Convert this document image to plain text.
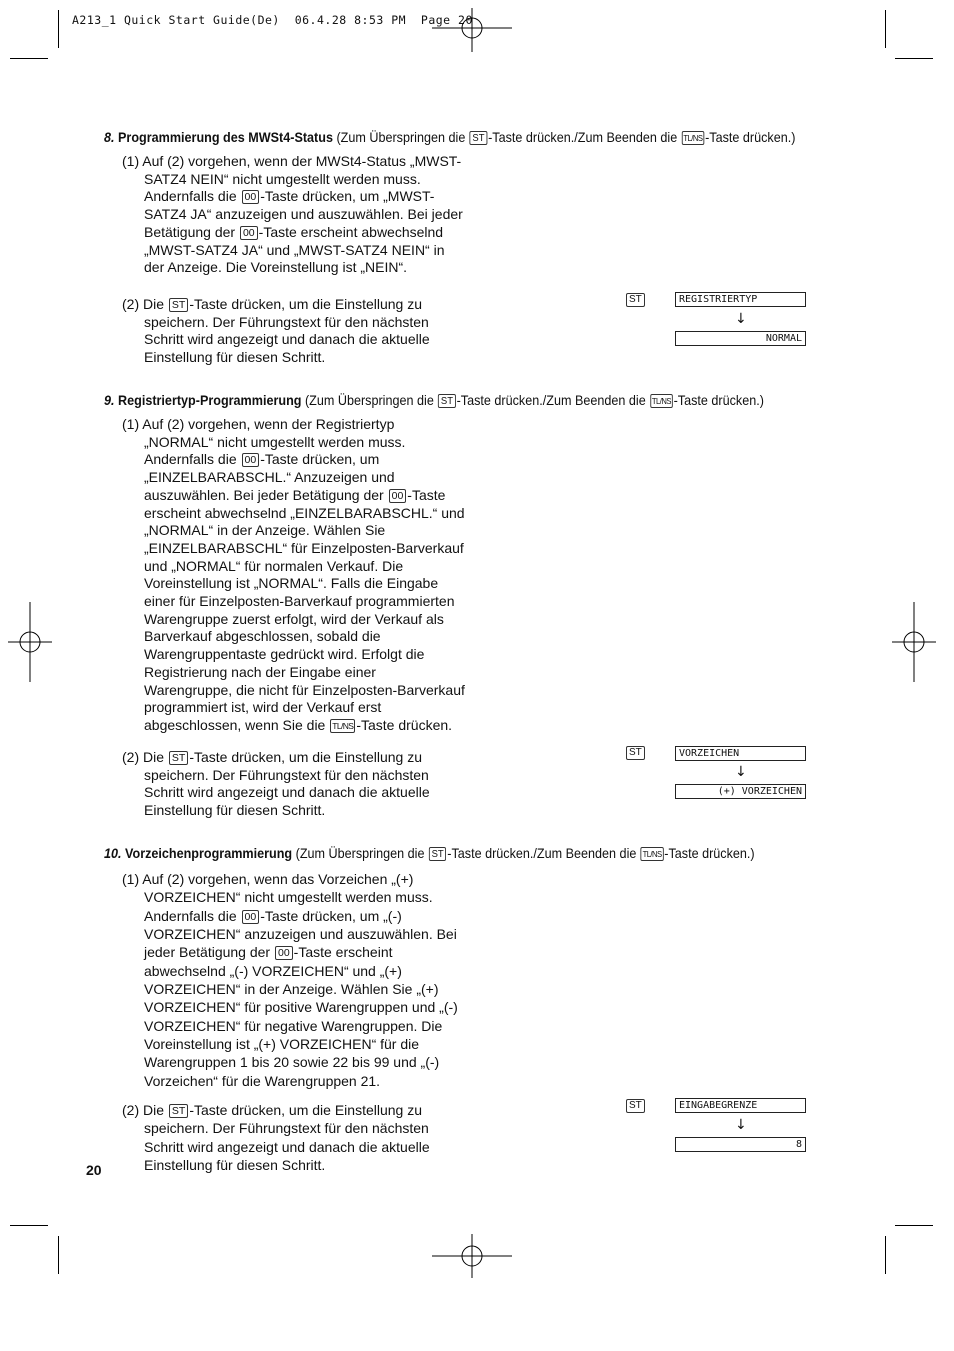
A213_1 Quick Start Guide(De)  06.4.28 8:53 PM  Page 20
8. Programmierung des MWSt4-Status (Zum Überspringen die ST -Taste drücken./Zum Beenden die TL/NS -Taste drücken.)
(1) Auf (2) vorgehen, wenn der MWSt4-Status „MWST-
SATZ4 NEIN“ nicht umgestellt werden muss.
Andernfalls die 00 -Taste drücken, um „MWST-
SATZ4 JA“ anzuzeigen und auszuwählen. Bei jeder
Betätigung der 00 -Taste erscheint abwechselnd
„MWST-SATZ4 JA“ und „MWST-SATZ4 NEIN“ in
der Anzeige. Die Voreinstellung ist „NEIN“.
(2) Die ST -Taste drücken, um die Einstellung zu
speichern. Der Führungstext für den nächsten
Schritt wird angezeigt und danach die aktuelle
Einstellung für diesen Schritt.
ST	REGISTRIERTYP
↓
NORMAL
9. Registriertyp-Programmierung (Zum Überspringen die ST -Taste drücken./Zum Beenden die TL/NS -Taste drücken.)
(1) Auf (2) vorgehen, wenn der Registriertyp
„NORMAL“ nicht umgestellt werden muss.
Andernfalls die 00 -Taste drücken, um
„EINZELBARABSCHL.“ Anzuzeigen und
auszuwählen. Bei jeder Betätigung der 00 -Taste
erscheint abwechselnd „EINZELBARABSCHL.“ und
„NORMAL“ in der Anzeige. Wählen Sie
„EINZELBARABSCHL“ für Einzelposten-Barverkauf
und „NORMAL“ für normalen Verkauf. Die
Voreinstellung ist „NORMAL“. Falls die Eingabe
einer für Einzelposten-Barverkauf programmierten
Warengruppe zuerst erfolgt, wird der Verkauf als
Barverkauf abgeschlossen, sobald die
Warengruppentaste gedrückt wird. Erfolgt die
Registrierung nach der Eingabe einer
Warengruppe, die nicht für Einzelposten-Barverkauf
programmiert ist, wird der Verkauf erst
abgeschlossen, wenn Sie die TL/NS -Taste drücken.
(2) Die ST -Taste drücken, um die Einstellung zu
speichern. Der Führungstext für den nächsten
Schritt wird angezeigt und danach die aktuelle
Einstellung für diesen Schritt.
ST	VORZEICHEN
↓
(+) VORZEICHEN
10. Vorzeichenprogrammierung (Zum Überspringen die ST -Taste drücken./Zum Beenden die TL/NS -Taste drücken.)
(1) Auf (2) vorgehen, wenn das Vorzeichen „(+)
VORZEICHEN“ nicht umgestellt werden muss.
Andernfalls die 00 -Taste drücken, um „(-)
VORZEICHEN“ anzuzeigen und auszuwählen. Bei
jeder Betätigung der 00 -Taste erscheint
abwechselnd „(-) VORZEICHEN“ und „(+)
VORZEICHEN“ in der Anzeige. Wählen Sie „(+)
VORZEICHEN“ für positive Warengruppen und „(-)
VORZEICHEN“ für negative Warengruppen. Die
Voreinstellung ist „(+) VORZEICHEN“ für die
Warengruppen 1 bis 20 sowie 22 bis 99 und „(-)
Vorzeichen“ für die Warengruppen 21.
(2) Die ST -Taste drücken, um die Einstellung zu
speichern. Der Führungstext für den nächsten
Schritt wird angezeigt und danach die aktuelle
Einstellung für diesen Schritt.
ST	EINGABEGRENZE
↓
8
20
